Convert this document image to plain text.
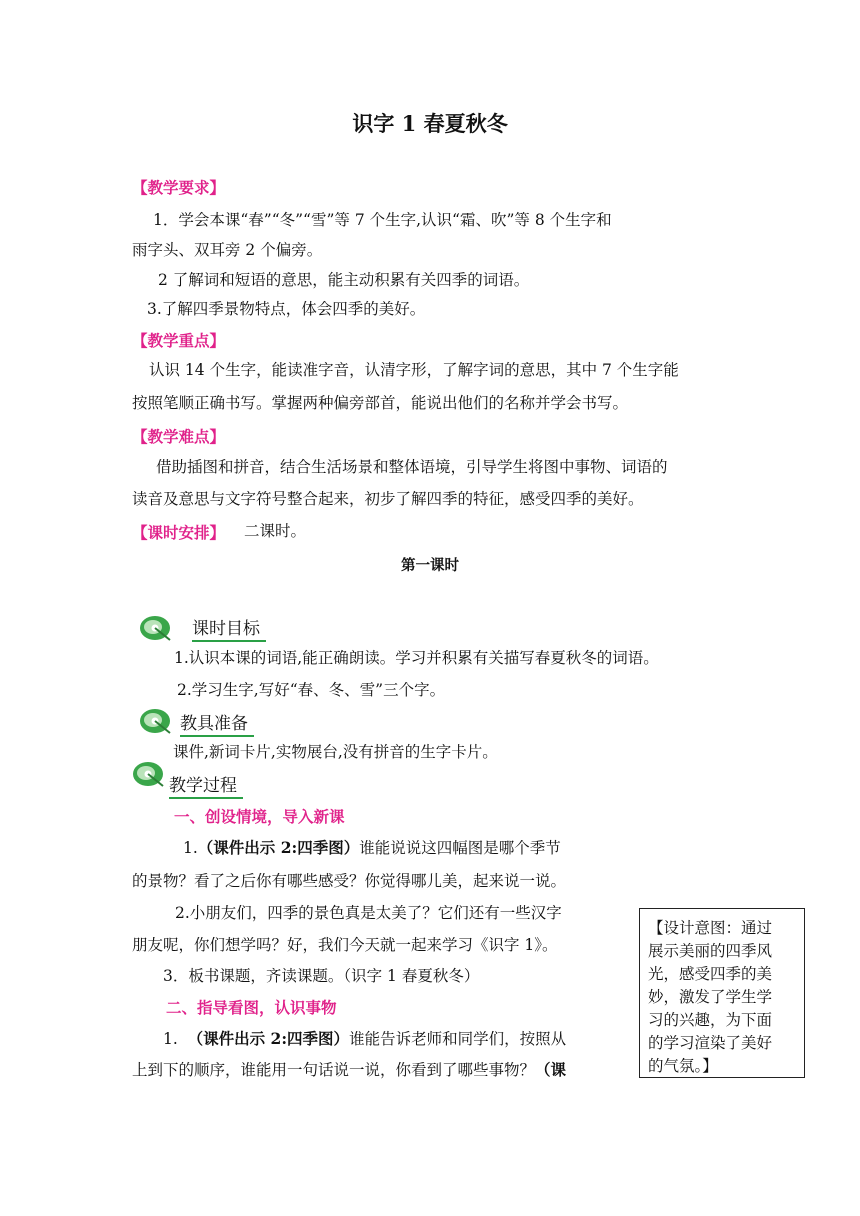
识字 1 春夏秋冬
【教学要求】
1．学会本课“春”“冬”“雪”等 7 个生字,认识“霜、吹”等 8 个生字和
雨字头、双耳旁 2 个偏旁。
2 了解词和短语的意思，能主动积累有关四季的词语。
3.了解四季景物特点，体会四季的美好。
【教学重点】
认识 14 个生字，能读准字音，认清字形，了解字词的意思，其中 7 个生字能
按照笔顺正确书写。掌握两种偏旁部首，能说出他们的名称并学会书写。
【教学难点】
借助插图和拼音，结合生活场景和整体语境，引导学生将图中事物、词语的
读音及意思与文字符号整合起来，初步了解四季的特征，感受四季的美好。
【课时安排】 二课时。
第一课时
课时目标
1.认识本课的词语,能正确朗读。学习并积累有关描写春夏秋冬的词语。
2.学习生字,写好“春、冬、雪”三个字。
教具准备
课件,新词卡片,实物展台,没有拼音的生字卡片。
教学过程
一、创设情境，导入新课
1.（课件出示 2:四季图）谁能说说这四幅图是哪个季节
的景物？看了之后你有哪些感受？你觉得哪儿美，起来说一说。
2.小朋友们，四季的景色真是太美了？它们还有一些汉字
朋友呢，你们想学吗？好，我们今天就一起来学习《识字 1》。
3．板书课题，齐读课题。（识字 1 春夏秋冬）
二、指导看图，认识事物
1. （课件出示 2:四季图）谁能告诉老师和同学们，按照从
上到下的顺序，谁能用一句话说一说，你看到了哪些事物？（课
【设计意图：通过
展示美丽的四季风
光，感受四季的美
妙，激发了学生学
习的兴趣，为下面
的学习渲染了美好
的气氛。】
